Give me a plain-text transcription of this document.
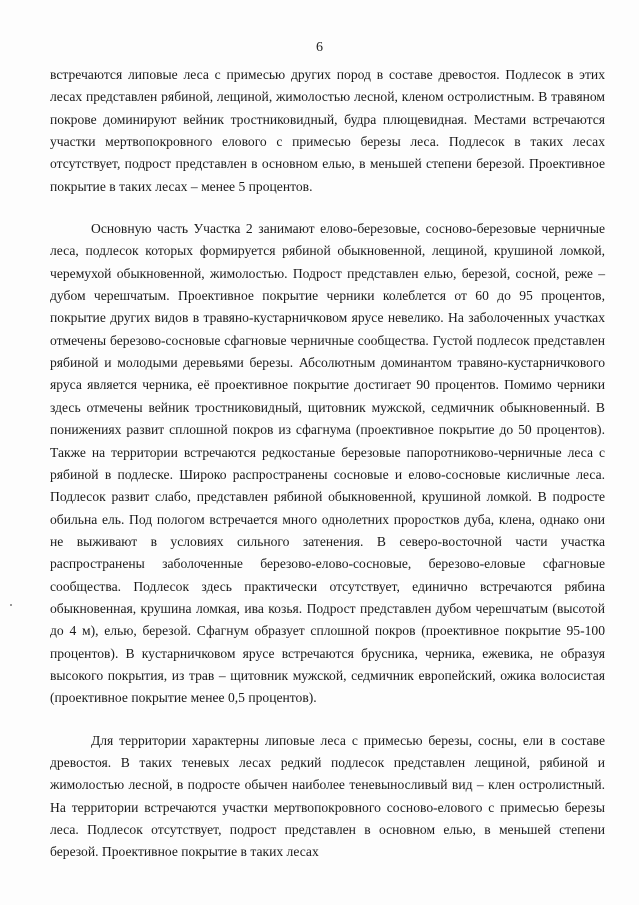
6

встречаются липовые леса с примесью других пород в составе древостоя. Подлесок в этих лесах представлен рябиной, лещиной, жимолостью лесной, кленом остролистным. В травяном покрове доминируют вейник тростниковидный, будра плющевидная. Местами встречаются участки мертвопокровного елового с примесью березы леса. Подлесок в таких лесах отсутствует, подрост представлен в основном елью, в меньшей степени березой. Проективное покрытие в таких лесах – менее 5 процентов.

Основную часть Участка 2 занимают елово-березовые, сосново-березовые черничные леса, подлесок которых формируется рябиной обыкновенной, лещиной, крушиной ломкой, черемухой обыкновенной, жимолостью. Подрост представлен елью, березой, сосной, реже – дубом черешчатым. Проективное покрытие черники колеблется от 60 до 95 процентов, покрытие других видов в травяно-кустарничковом ярусе невелико. На заболоченных участках отмечены березово-сосновые сфагновые черничные сообщества. Густой подлесок представлен рябиной и молодыми деревьями березы. Абсолютным доминантом травяно-кустарничкового яруса является черника, её проективное покрытие достигает 90 процентов. Помимо черники здесь отмечены вейник тростниковидный, щитовник мужской, седмичник обыкновенный. В понижениях развит сплошной покров из сфагнума (проективное покрытие до 50 процентов). Также на территории встречаются редкостаные березовые папоротниково-черничные леса с рябиной в подлеске. Широко распространены сосновые и елово-сосновые кисличные леса. Подлесок развит слабо, представлен рябиной обыкновенной, крушиной ломкой. В подросте обильна ель. Под пологом встречается много однолетних проростков дуба, клена, однако они не выживают в условиях сильного затенения. В северо-восточной части участка распространены заболоченные березово-елово-сосновые, березово-еловые сфагновые сообщества. Подлесок здесь практически отсутствует, единично встречаются рябина обыкновенная, крушина ломкая, ива козья. Подрост представлен дубом черешчатым (высотой до 4 м), елью, березой. Сфагнум образует сплошной покров (проективное покрытие 95-100 процентов). В кустарничковом ярусе встречаются брусника, черника, ежевика, не образуя высокого покрытия, из трав – щитовник мужской, седмичник европейский, ожика волосистая (проективное покрытие менее 0,5 процентов).

Для территории характерны липовые леса с примесью березы, сосны, ели в составе древостоя. В таких теневых лесах редкий подлесок представлен лещиной, рябиной и жимолостью лесной, в подросте обычен наиболее теневыносливый вид – клен остролистный. На территории встречаются участки мертвопокровного сосново-елового с примесью березы леса. Подлесок отсутствует, подрост представлен в основном елью, в меньшей степени березой. Проективное покрытие в таких лесах
